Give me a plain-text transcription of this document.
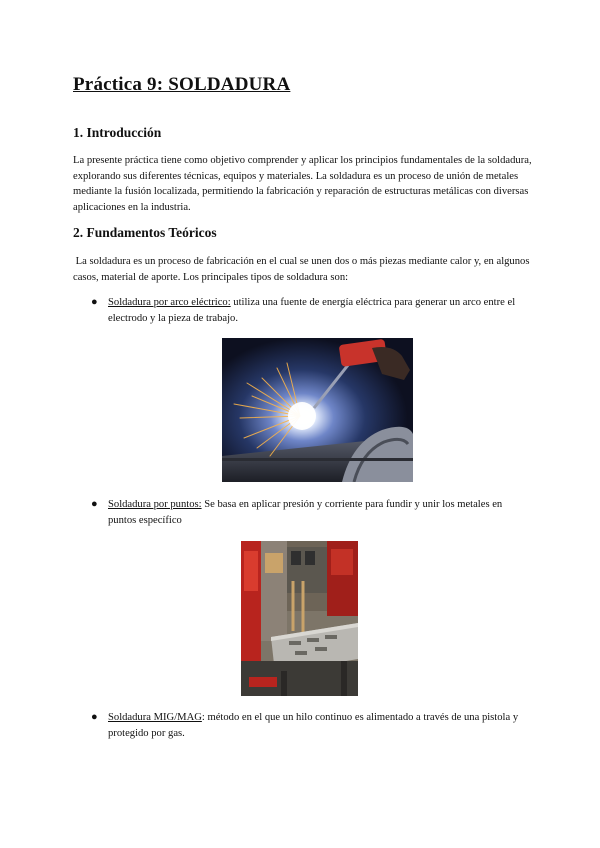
Práctica 9: SOLDADURA
1. Introducción

La presente práctica tiene como objetivo comprender y aplicar los principios fundamentales de la soldadura, explorando sus diferentes técnicas, equipos y materiales. La soldadura es un proceso de unión de metales mediante la fusión localizada, permitiendo la fabricación y reparación de estructuras metálicas con diversas aplicaciones en la industria.

2. Fundamentos Teóricos

La soldadura es un proceso de fabricación en el cual se unen dos o más piezas mediante calor y, en algunos casos, material de aporte. Los principales tipos de soldadura son:

● Soldadura por arco eléctrico: utiliza una fuente de energía eléctrica para generar un arco entre el electrodo y la pieza de trabajo.
● Soldadura por puntos: Se basa en aplicar presión y corriente para fundir y unir los metales en puntos específico
● Soldadura MIG/MAG: método en el que un hilo continuo es alimentado a través de una pistola y protegido por gas.
